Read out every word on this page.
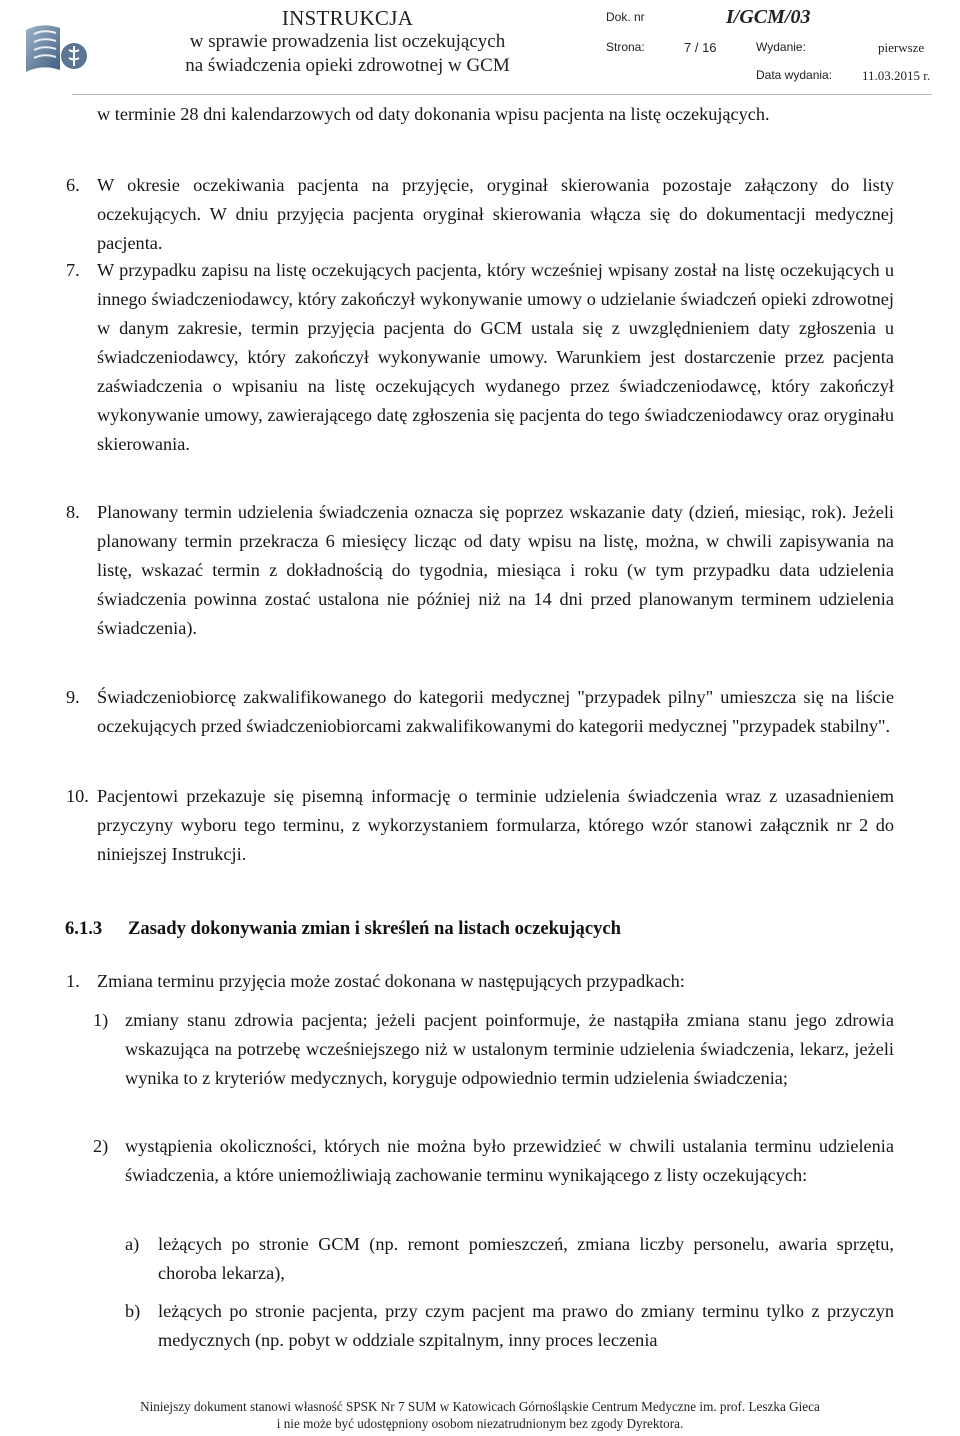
INSTRUKCJA
w sprawie prowadzenia list oczekujących
na świadczenia opieki zdrowotnej w GCM
Dok. nr	I/GCM/03
Strona:	7 / 16	Wydanie:	pierwsze
Data wydania: 11.03.2015 r.
w terminie 28 dni kalendarzowych od daty dokonania wpisu pacjenta na listę oczekujących.
6. W okresie oczekiwania pacjenta na przyjęcie, oryginał skierowania pozostaje załączony do listy oczekujących. W dniu przyjęcia pacjenta oryginał skierowania włącza się do dokumentacji medycznej pacjenta.
7. W przypadku zapisu na listę oczekujących pacjenta, który wcześniej wpisany został na listę oczekujących u innego świadczeniodawcy, który zakończył wykonywanie umowy o udzielanie świadczeń opieki zdrowotnej w danym zakresie, termin przyjęcia pacjenta do GCM ustala się z uwzględnieniem daty zgłoszenia u świadczeniodawcy, który zakończył wykonywanie umowy. Warunkiem jest dostarczenie przez pacjenta zaświadczenia o wpisaniu na listę oczekujących wydanego przez świadczeniodawcę, który zakończył wykonywanie umowy, zawierającego datę zgłoszenia się pacjenta do tego świadczeniodawcy oraz oryginału skierowania.
8. Planowany termin udzielenia świadczenia oznacza się poprzez wskazanie daty (dzień, miesiąc, rok). Jeżeli planowany termin przekracza 6 miesięcy licząc od daty wpisu na listę, można, w chwili zapisywania na listę, wskazać termin z dokładnością do tygodnia, miesiąca i roku (w tym przypadku data udzielenia świadczenia powinna zostać ustalona nie później niż na 14 dni przed planowanym terminem udzielenia świadczenia).
9. Świadczeniobiorcę zakwalifikowanego do kategorii medycznej "przypadek pilny" umieszcza się na liście oczekujących przed świadczeniobiorcami zakwalifikowanymi do kategorii medycznej "przypadek stabilny".
10. Pacjentowi przekazuje się pisemną informację o terminie udzielenia świadczenia wraz z uzasadnieniem przyczyny wyboru tego terminu, z wykorzystaniem formularza, którego wzór stanowi załącznik nr 2 do niniejszej Instrukcji.
6.1.3 Zasady dokonywania zmian i skreśleń na listach oczekujących
1. Zmiana terminu przyjęcia może zostać dokonana w następujących przypadkach:
1) zmiany stanu zdrowia pacjenta; jeżeli pacjent poinformuje, że nastąpiła zmiana stanu jego zdrowia wskazująca na potrzebę wcześniejszego niż w ustalonym terminie udzielenia świadczenia, lekarz, jeżeli wynika to z kryteriów medycznych, koryguje odpowiednio termin udzielenia świadczenia;
2) wystąpienia okoliczności, których nie można było przewidzieć w chwili ustalania terminu udzielenia świadczenia, a które uniemożliwiają zachowanie terminu wynikającego z listy oczekujących:
a) leżących po stronie GCM (np. remont pomieszczeń, zmiana liczby personelu, awaria sprzętu, choroba lekarza),
b) leżących po stronie pacjenta, przy czym pacjent ma prawo do zmiany terminu tylko z przyczyn medycznych (np. pobyt w oddziale szpitalnym, inny proces leczenia
Niniejszy dokument stanowi własność SPSK Nr 7 SUM w Katowicach Górnośląskie Centrum Medyczne im. prof. Leszka Gieca
i nie może być udostępniony osobom niezatrudnionym bez zgody Dyrektora.
